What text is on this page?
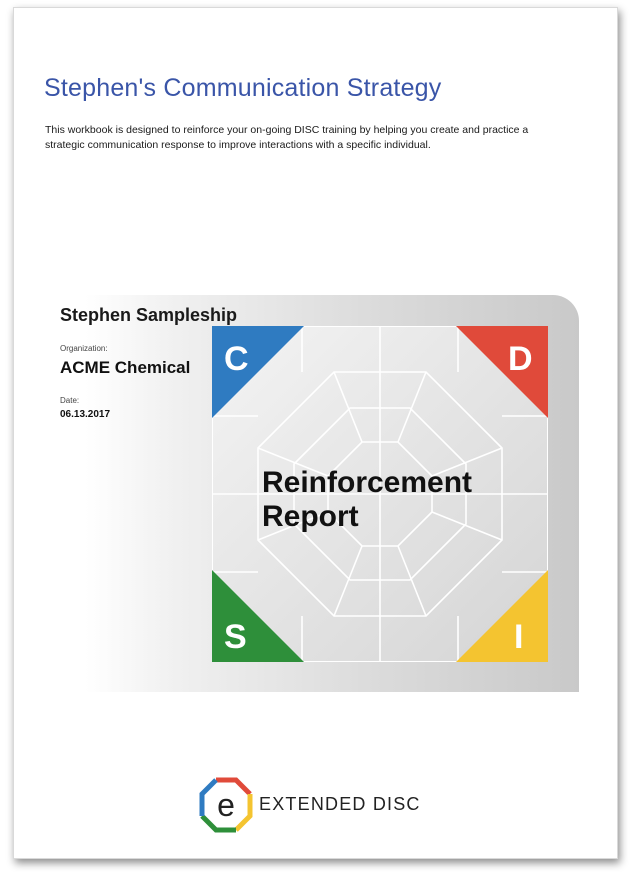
Stephen's Communication Strategy
This workbook is designed to reinforce your on-going DISC training by helping you create and practice a strategic communication response to improve interactions with a specific individual.
Stephen Sampleship
Organization:
ACME Chemical
Date:
06.13.2017
C	D
S	I
Reinforcement
Report
e EXTENDED DISC
